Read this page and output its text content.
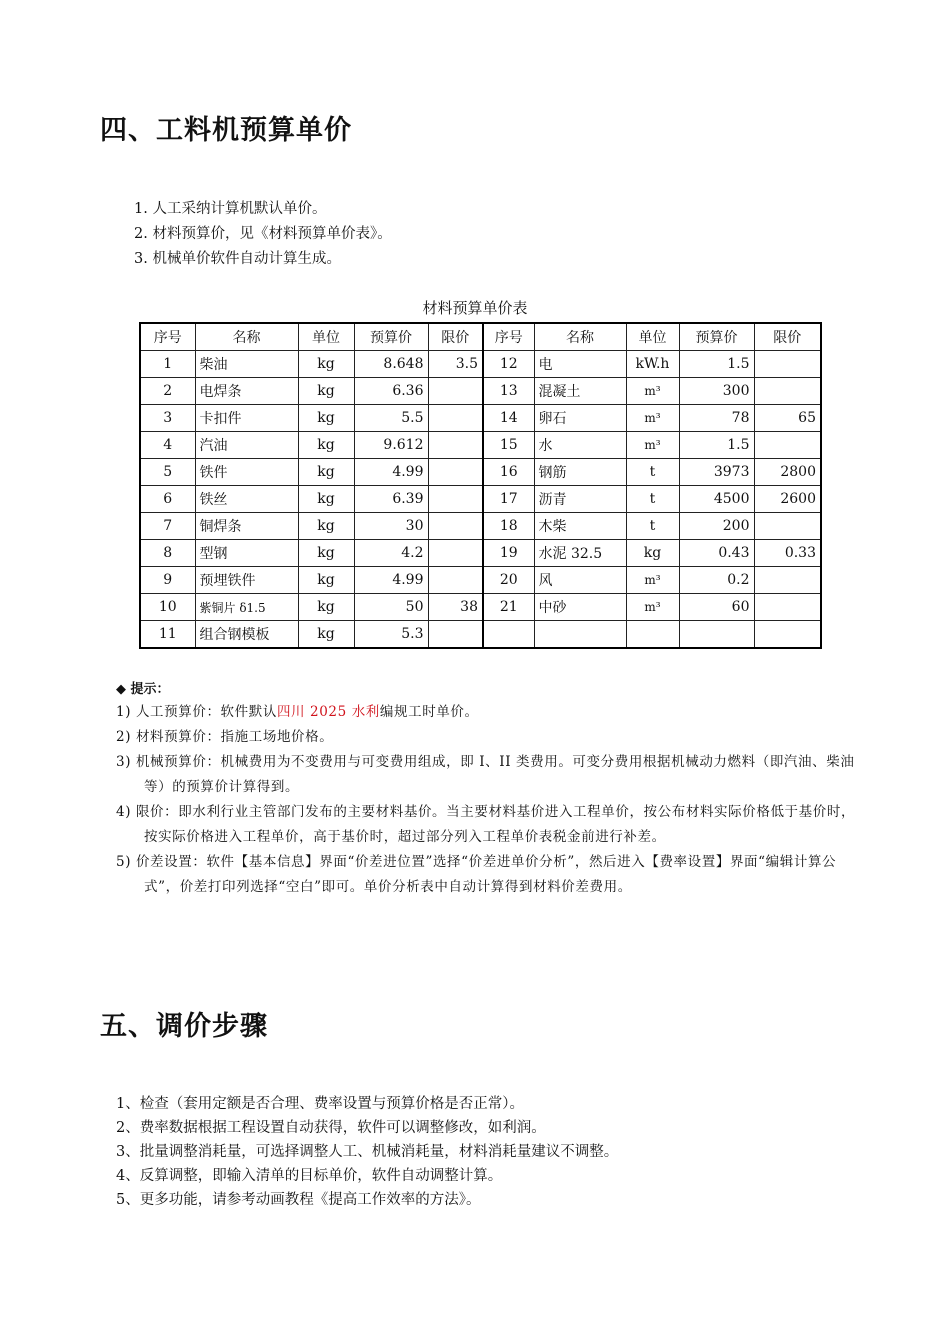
四、工料机预算单价
1. 人工采纳计算机默认单价。
2. 材料预算价，见《材料预算单价表》。
3. 机械单价软件自动计算生成。
材料预算单价表
序号	名称	单位	预算价	限价	序号	名称	单位	预算价	限价
1	柴油	kg	8.648	3.5	12	电	kW.h	1.5	
2	电焊条	kg	6.36		13	混凝土	m³	300	
3	卡扣件	kg	5.5		14	卵石	m³	78	65
4	汽油	kg	9.612		15	水	m³	1.5	
5	铁件	kg	4.99		16	钢筋	t	3973	2800
6	铁丝	kg	6.39		17	沥青	t	4500	2600
7	铜焊条	kg	30		18	木柴	t	200	
8	型钢	kg	4.2		19	水泥 32.5	kg	0.43	0.33
9	预埋铁件	kg	4.99		20	风	m³	0.2	
10	紫铜片 δ1.5	kg	50	38	21	中砂	m³	60	
11	组合钢模板	kg	5.3						
◆ 提示：
1) 人工预算价：软件默认四川 2025 水利编规工时单价。
2) 材料预算价：指施工场地价格。
3) 机械预算价：机械费用为不变费用与可变费用组成，即 I、II 类费用。可变分费用根据机械动力燃料（即汽油、柴油等）的预算价计算得到。
4) 限价：即水利行业主管部门发布的主要材料基价。当主要材料基价进入工程单价，按公布材料实际价格低于基价时，按实际价格进入工程单价，高于基价时，超过部分列入工程单价表税金前进行补差。
5) 价差设置：软件【基本信息】界面“价差进位置”选择“价差进单价分析”，然后进入【费率设置】界面“编辑计算公式”，价差打印列选择“空白”即可。单价分析表中自动计算得到材料价差费用。
五、调价步骤
1、检查（套用定额是否合理、费率设置与预算价格是否正常）。
2、费率数据根据工程设置自动获得，软件可以调整修改，如利润。
3、批量调整消耗量，可选择调整人工、机械消耗量，材料消耗量建议不调整。
4、反算调整，即输入清单的目标单价，软件自动调整计算。
5、更多功能，请参考动画教程《提高工作效率的方法》。
